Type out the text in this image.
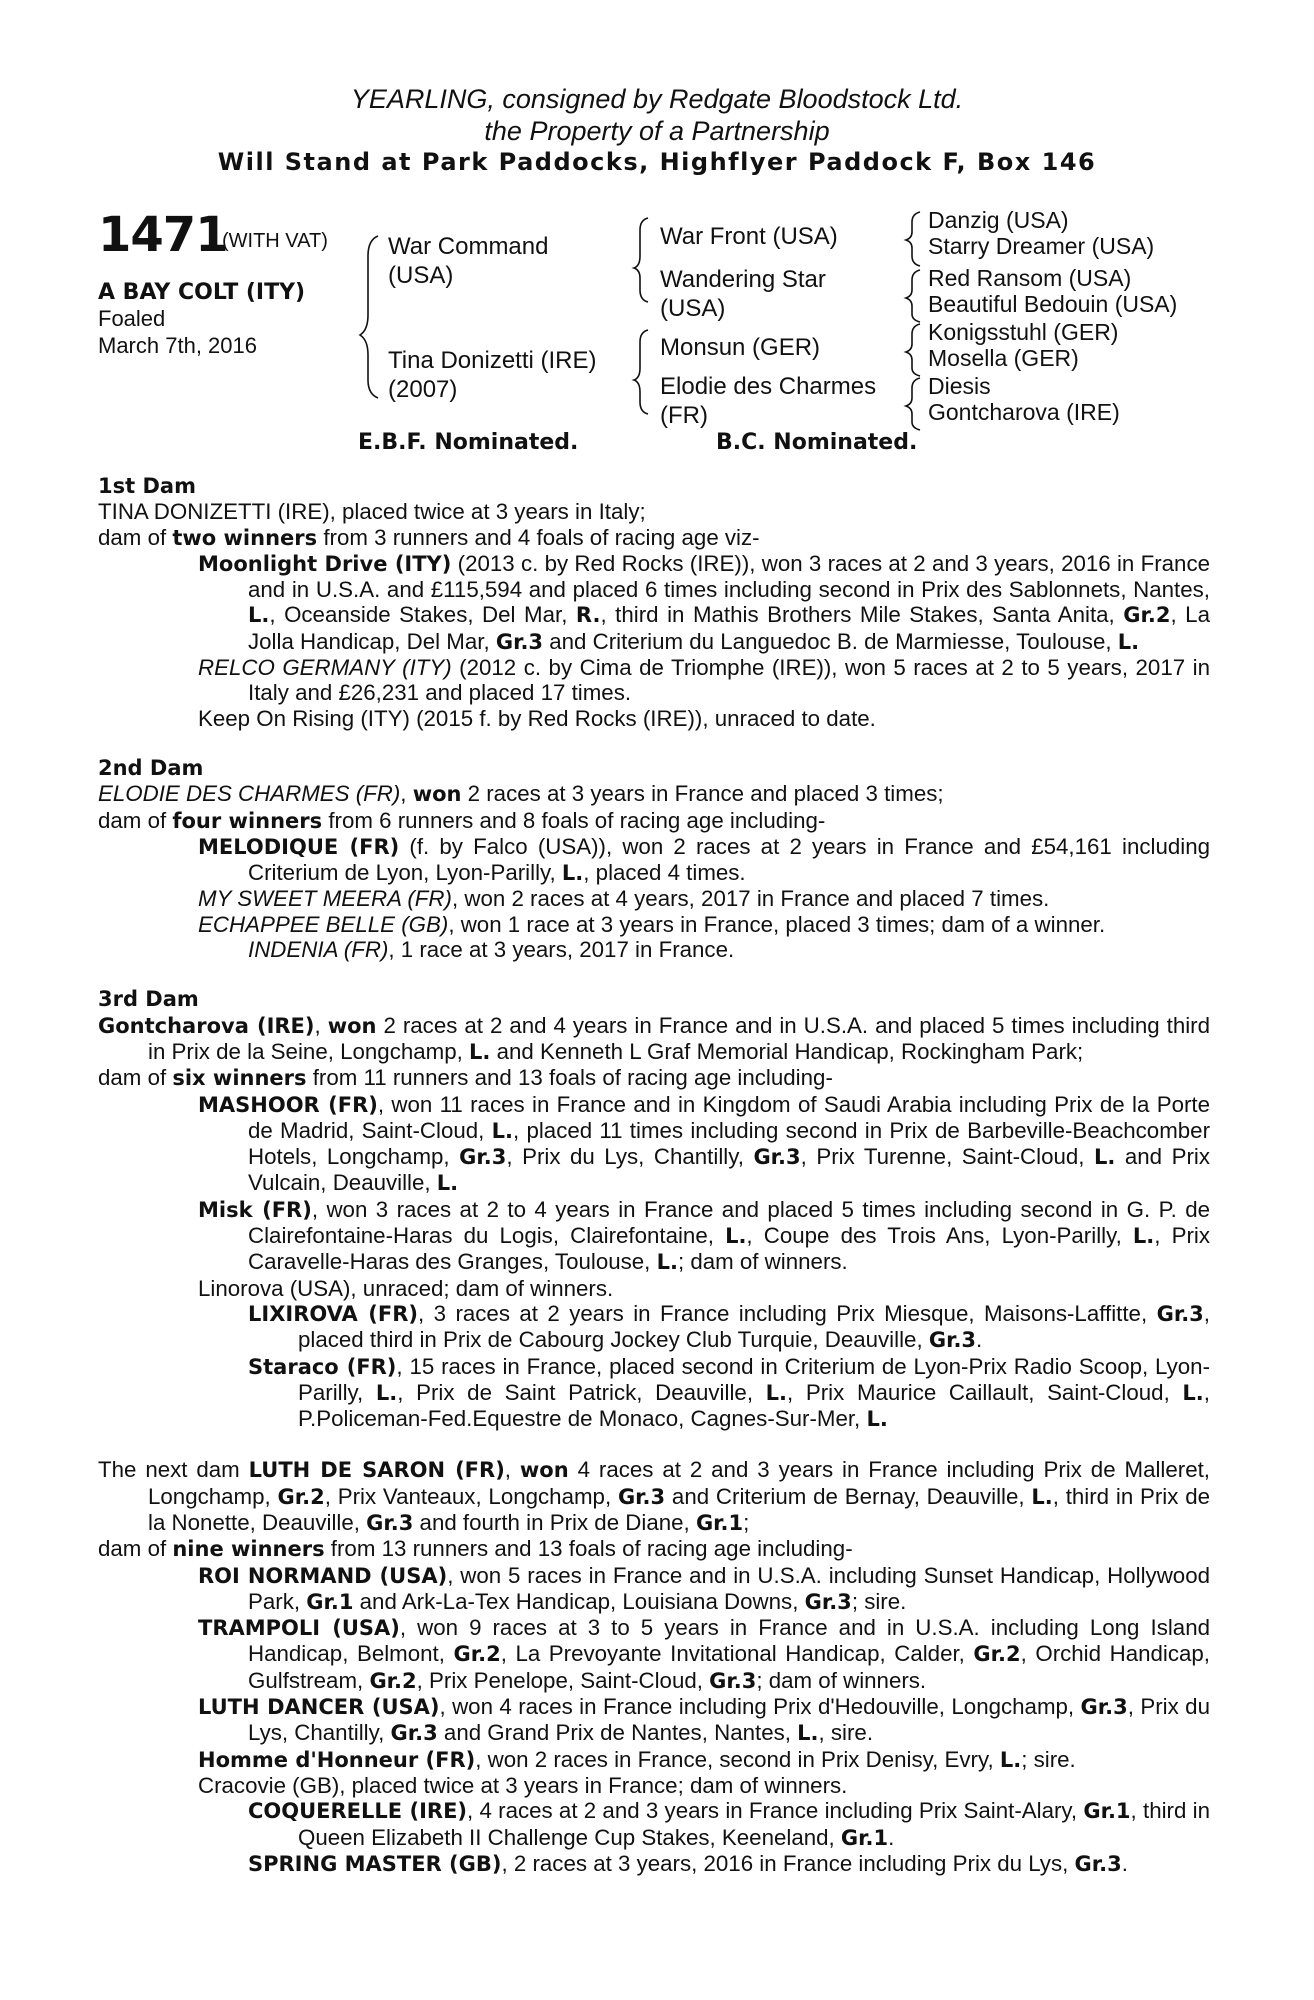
YEARLING, consigned by Redgate Bloodstock Ltd.
the Property of a Partnership
Will Stand at Park Paddocks, Highflyer Paddock F, Box 146
1471
(WITH VAT)
A BAY COLT (ITY)
Foaled
March 7th, 2016
War Command
(USA)
Tina Donizetti (IRE)
(2007)
War Front (USA)
Wandering Star
(USA)
Monsun (GER)
Elodie des Charmes
(FR)
Danzig (USA)
Starry Dreamer (USA)
Red Ransom (USA)
Beautiful Bedouin (USA)
Konigsstuhl (GER)
Mosella (GER)
Diesis
Gontcharova (IRE)
E.B.F. Nominated.	B.C. Nominated.

1st Dam

TINA DONIZETTI (IRE), placed twice at 3 years in Italy;

dam of two winners from 3 runners and 4 foals of racing age viz-

Moonlight Drive (ITY) (2013 c. by Red Rocks (IRE)), won 3 races at 2 and 3 years, 2016 in France and in U.S.A. and £115,594 and placed 6 times including second in Prix des Sablonnets, Nantes, L., Oceanside Stakes, Del Mar, R., third in Mathis Brothers Mile Stakes, Santa Anita, Gr.2, La Jolla Handicap, Del Mar, Gr.3 and Criterium du Languedoc B. de Marmiesse, Toulouse, L.

RELCO GERMANY (ITY) (2012 c. by Cima de Triomphe (IRE)), won 5 races at 2 to 5 years, 2017 in Italy and £26,231 and placed 17 times.

Keep On Rising (ITY) (2015 f. by Red Rocks (IRE)), unraced to date.

2nd Dam

ELODIE DES CHARMES (FR), won 2 races at 3 years in France and placed 3 times;

dam of four winners from 6 runners and 8 foals of racing age including-

MELODIQUE (FR) (f. by Falco (USA)), won 2 races at 2 years in France and £54,161 including Criterium de Lyon, Lyon-Parilly, L., placed 4 times.

MY SWEET MEERA (FR), won 2 races at 4 years, 2017 in France and placed 7 times.

ECHAPPEE BELLE (GB), won 1 race at 3 years in France, placed 3 times; dam of a winner.

INDENIA (FR), 1 race at 3 years, 2017 in France.

3rd Dam

Gontcharova (IRE), won 2 races at 2 and 4 years in France and in U.S.A. and placed 5 times including third in Prix de la Seine, Longchamp, L. and Kenneth L Graf Memorial Handicap, Rockingham Park;

dam of six winners from 11 runners and 13 foals of racing age including-

MASHOOR (FR), won 11 races in France and in Kingdom of Saudi Arabia including Prix de la Porte de Madrid, Saint-Cloud, L., placed 11 times including second in Prix de Barbeville-Beachcomber Hotels, Longchamp, Gr.3, Prix du Lys, Chantilly, Gr.3, Prix Turenne, Saint-Cloud, L. and Prix Vulcain, Deauville, L.

Misk (FR), won 3 races at 2 to 4 years in France and placed 5 times including second in G. P. de Clairefontaine-Haras du Logis, Clairefontaine, L., Coupe des Trois Ans, Lyon-Parilly, L., Prix Caravelle-Haras des Granges, Toulouse, L.; dam of winners.

Linorova (USA), unraced; dam of winners.

LIXIROVA (FR), 3 races at 2 years in France including Prix Miesque, Maisons-Laffitte, Gr.3, placed third in Prix de Cabourg Jockey Club Turquie, Deauville, Gr.3.

Staraco (FR), 15 races in France, placed second in Criterium de Lyon-Prix Radio Scoop, Lyon-Parilly, L., Prix de Saint Patrick, Deauville, L., Prix Maurice Caillault, Saint-Cloud, L., P.Policeman-Fed.Equestre de Monaco, Cagnes-Sur-Mer, L.

The next dam LUTH DE SARON (FR), won 4 races at 2 and 3 years in France including Prix de Malleret, Longchamp, Gr.2, Prix Vanteaux, Longchamp, Gr.3 and Criterium de Bernay, Deauville, L., third in Prix de la Nonette, Deauville, Gr.3 and fourth in Prix de Diane, Gr.1;

dam of nine winners from 13 runners and 13 foals of racing age including-

ROI NORMAND (USA), won 5 races in France and in U.S.A. including Sunset Handicap, Hollywood Park, Gr.1 and Ark-La-Tex Handicap, Louisiana Downs, Gr.3; sire.

TRAMPOLI (USA), won 9 races at 3 to 5 years in France and in U.S.A. including Long Island Handicap, Belmont, Gr.2, La Prevoyante Invitational Handicap, Calder, Gr.2, Orchid Handicap, Gulfstream, Gr.2, Prix Penelope, Saint-Cloud, Gr.3; dam of winners.

LUTH DANCER (USA), won 4 races in France including Prix d'Hedouville, Longchamp, Gr.3, Prix du Lys, Chantilly, Gr.3 and Grand Prix de Nantes, Nantes, L., sire.

Homme d'Honneur (FR), won 2 races in France, second in Prix Denisy, Evry, L.; sire.

Cracovie (GB), placed twice at 3 years in France; dam of winners.

COQUERELLE (IRE), 4 races at 2 and 3 years in France including Prix Saint-Alary, Gr.1, third in Queen Elizabeth II Challenge Cup Stakes, Keeneland, Gr.1.

SPRING MASTER (GB), 2 races at 3 years, 2016 in France including Prix du Lys, Gr.3.
